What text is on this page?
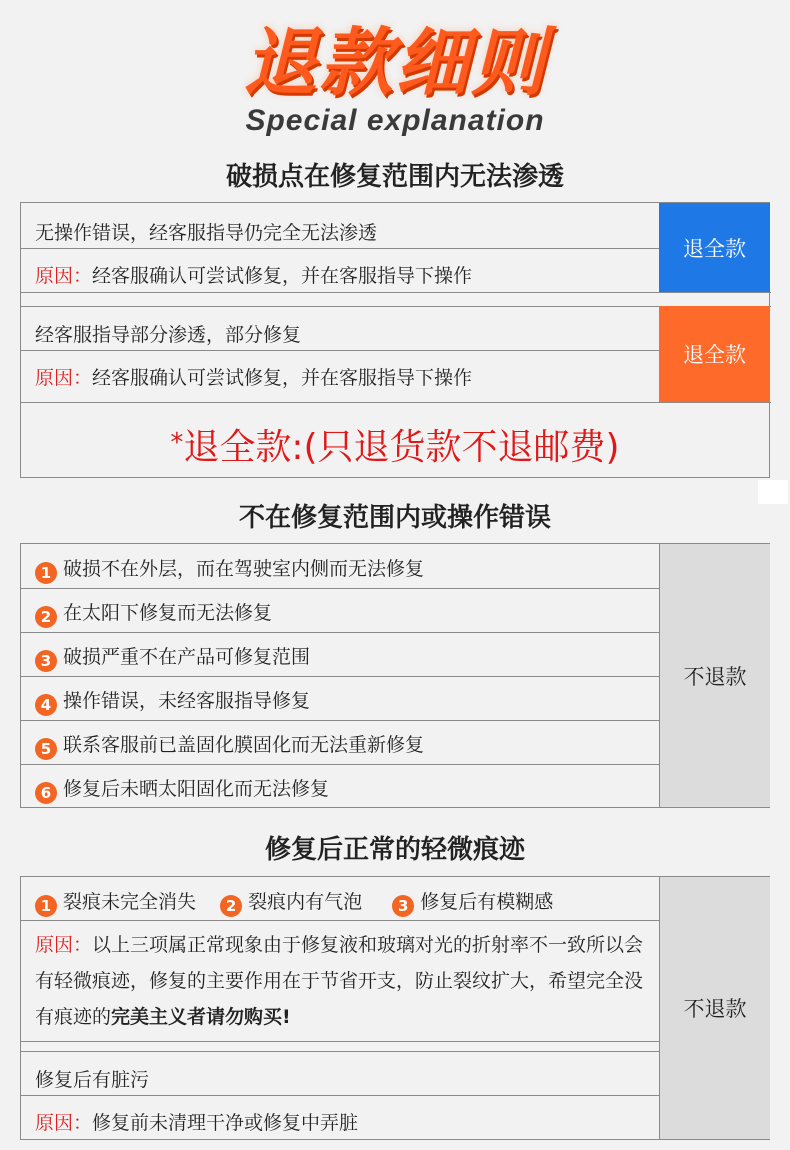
退款细则
Special explanation
破损点在修复范围内无法渗透
无操作错误，经客服指导仍完全无法渗透
原因：经客服确认可尝试修复，并在客服指导下操作
退全款
经客服指导部分渗透，部分修复
原因：经客服确认可尝试修复，并在客服指导下操作
退全款
*退全款:(只退货款不退邮费)
不在修复范围内或操作错误
1 破损不在外层，而在驾驶室内侧而无法修复
2 在太阳下修复而无法修复
3 破损严重不在产品可修复范围
4 操作错误，未经客服指导修复
5 联系客服前已盖固化膜固化而无法重新修复
6 修复后未晒太阳固化而无法修复
不退款
修复后正常的轻微痕迹
1 裂痕未完全消失 2 裂痕内有气泡 3 修复后有模糊感
原因：以上三项属正常现象由于修复液和玻璃对光的折射率不一致所以会有轻微痕迹，修复的主要作用在于节省开支，防止裂纹扩大，希望完全没有痕迹的完美主义者请勿购买!
修复后有脏污
原因：修复前未清理干净或修复中弄脏
不退款
